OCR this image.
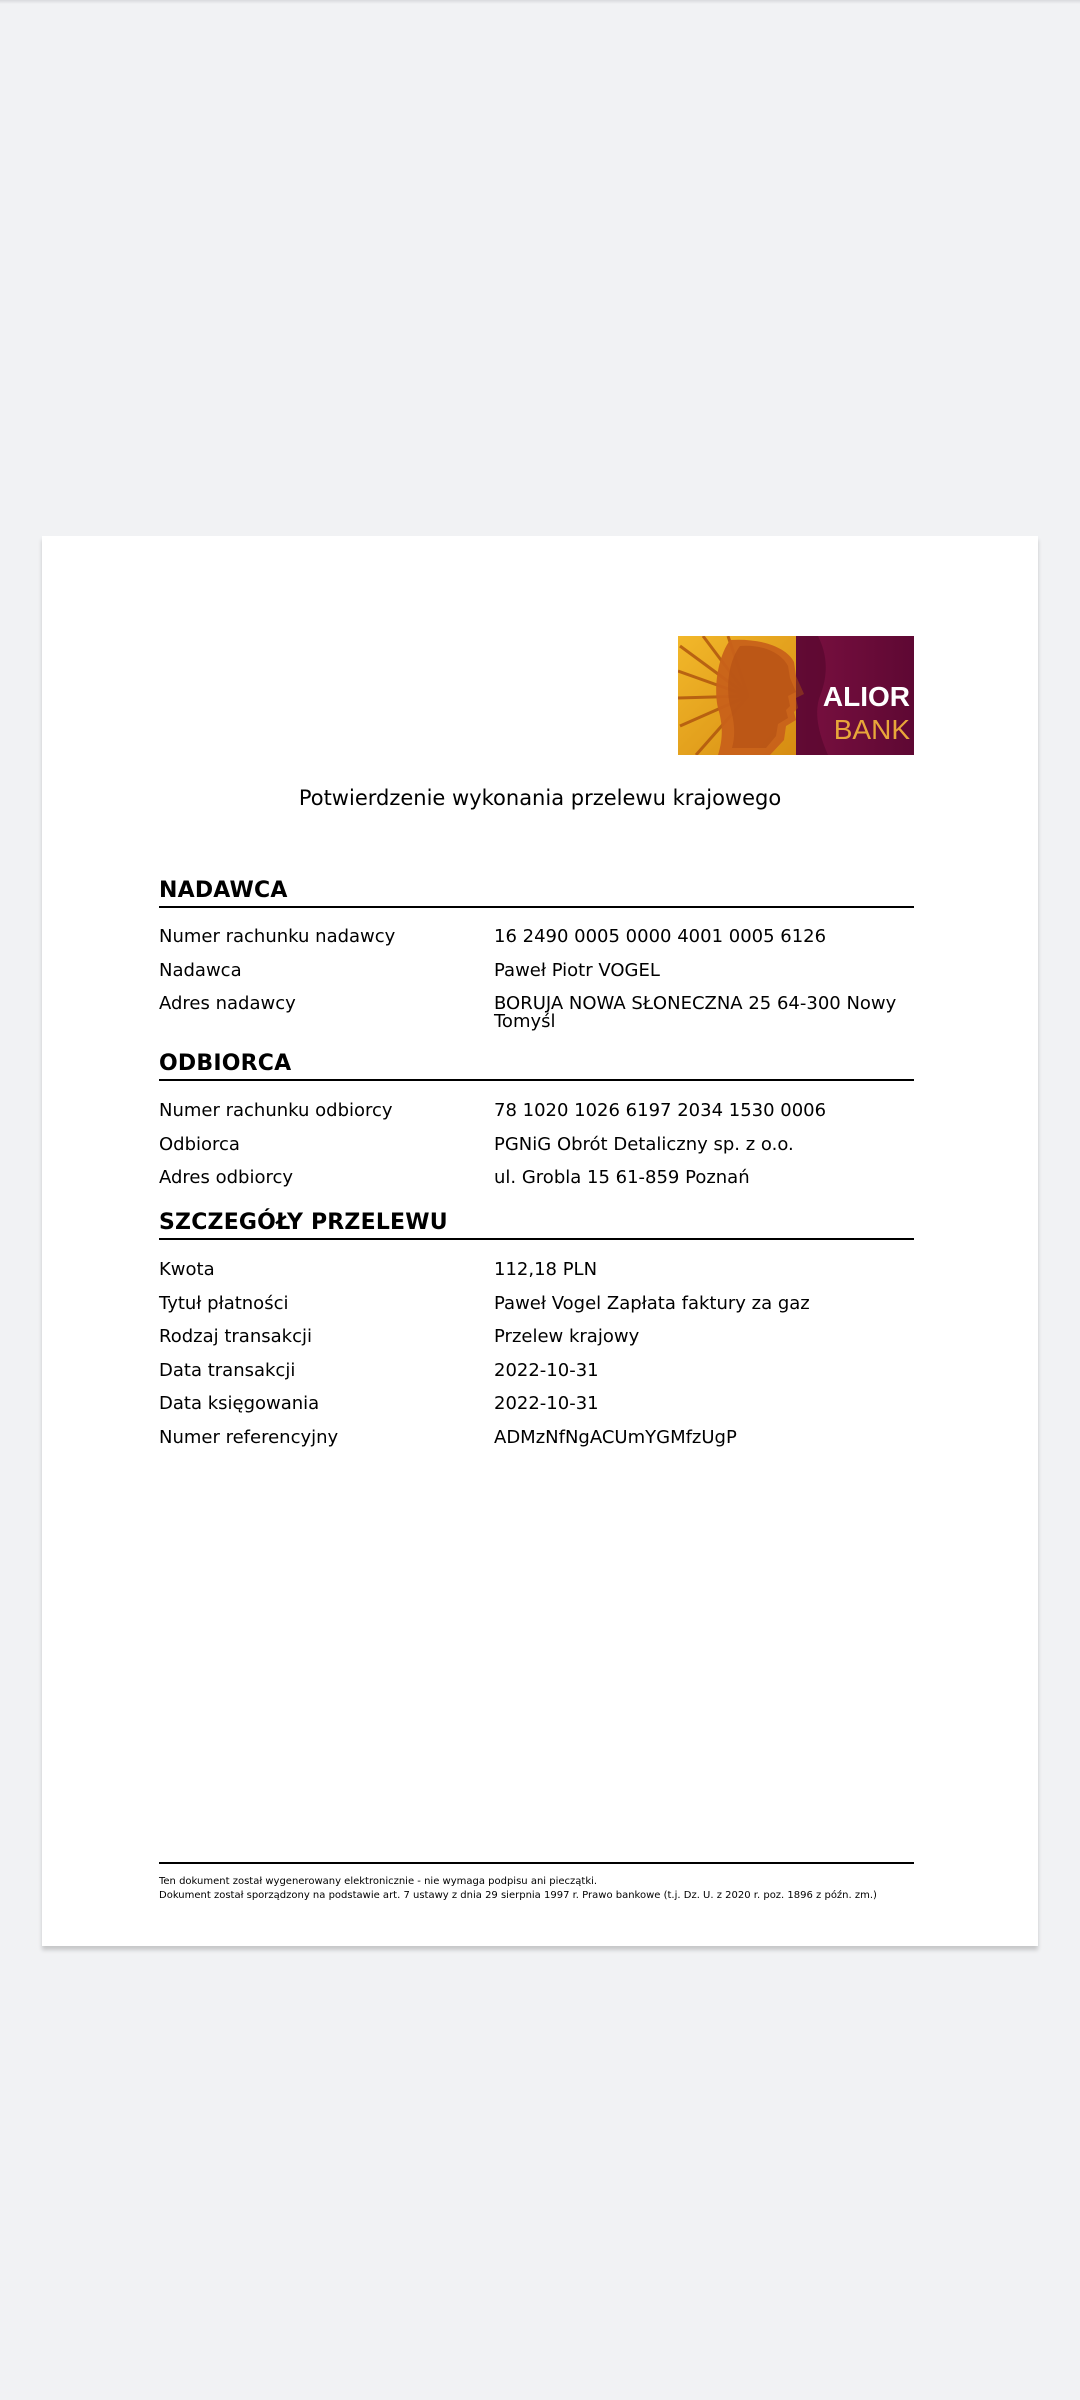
ALIOR
BANK
Potwierdzenie wykonania przelewu krajowego
NADAWCA
Numer rachunku nadawcy	16 2490 0005 0000 4001 0005 6126
Nadawca	Paweł Piotr VOGEL
Adres nadawcy	BORUJA NOWA SŁONECZNA 25 64-300 Nowy
Tomyśl
ODBIORCA
Numer rachunku odbiorcy	78 1020 1026 6197 2034 1530 0006
Odbiorca	PGNiG Obrót Detaliczny sp. z o.o.
Adres odbiorcy	ul. Grobla 15 61-859 Poznań
SZCZEGÓŁY PRZELEWU
Kwota	112,18 PLN
Tytuł płatności	Paweł Vogel Zapłata faktury za gaz
Rodzaj transakcji	Przelew krajowy
Data transakcji	2022-10-31
Data księgowania	2022-10-31
Numer referencyjny	ADMzNfNgACUmYGMfzUgP
Ten dokument został wygenerowany elektronicznie - nie wymaga podpisu ani pieczątki.
Dokument został sporządzony na podstawie art. 7 ustawy z dnia 29 sierpnia 1997 r. Prawo bankowe (t.j. Dz. U. z 2020 r. poz. 1896 z późn. zm.)
